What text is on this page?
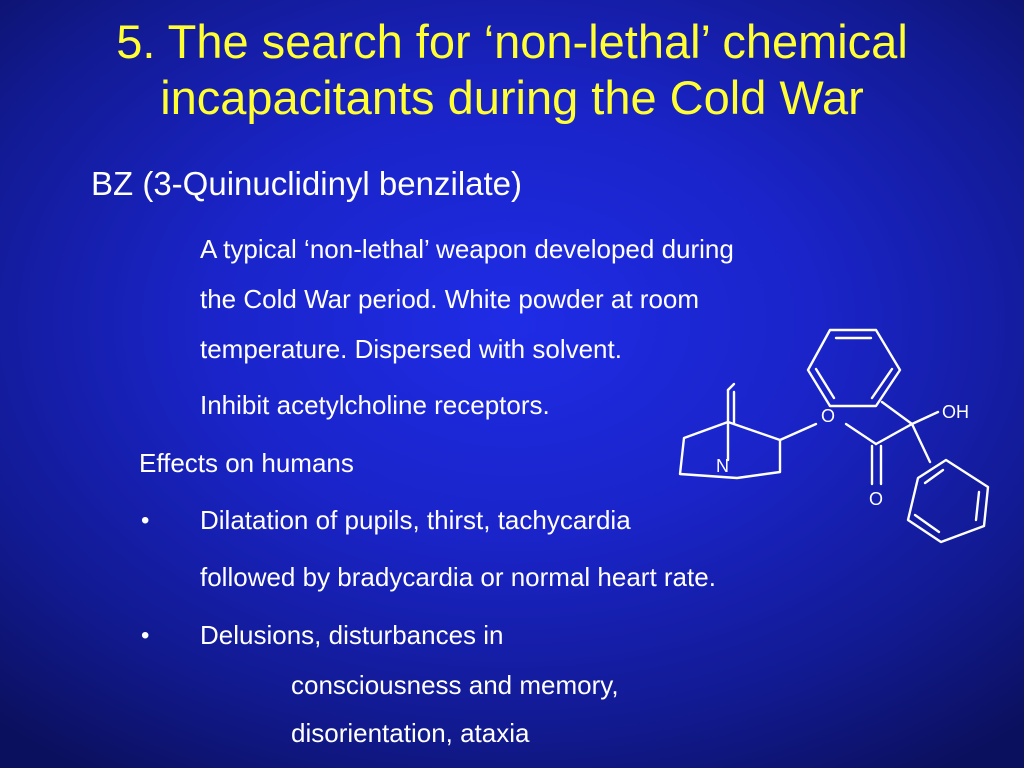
5. The search for ‘non-lethal’ chemical
incapacitants during the Cold War
BZ (3-Quinuclidinyl benzilate)
A typical ‘non-lethal’ weapon developed during
the Cold War period. White powder at room
temperature. Dispersed with solvent.
Inhibit acetylcholine receptors.
Effects on humans
• Dilatation of pupils, thirst, tachycardia
followed by bradycardia or normal heart rate.
• Delusions, disturbances in
consciousness and memory,
disorientation, ataxia
O	OH
N
O
